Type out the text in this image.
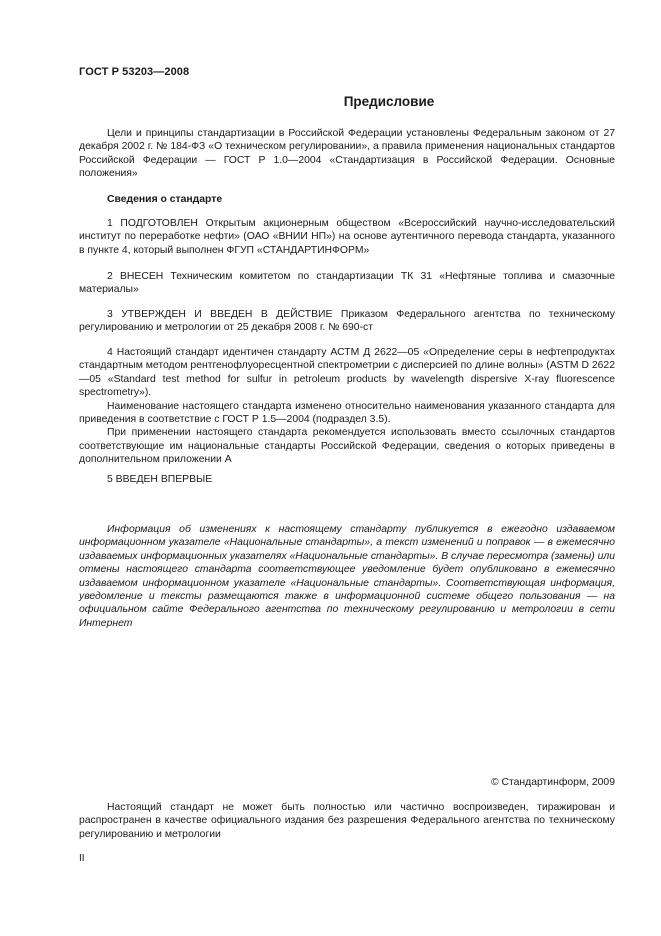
ГОСТ Р 53203—2008
Предисловие

Цели и принципы стандартизации в Российской Федерации установлены Федеральным законом от 27 декабря 2002 г. № 184-ФЗ «О техническом регулировании», а правила применения национальных стандартов Российской Федерации — ГОСТ Р 1.0—2004 «Стандартизация в Российской Федерации. Основные положения»

Сведения о стандарте

1 ПОДГОТОВЛЕН Открытым акционерным обществом «Всероссийский научно-исследовательский институт по переработке нефти» (ОАО «ВНИИ НП») на основе аутентичного перевода стандарта, указанного в пункте 4, который выполнен ФГУП «СТАНДАРТИНФОРМ»

2 ВНЕСЕН Техническим комитетом по стандартизации ТК 31 «Нефтяные топлива и смазочные материалы»

3 УТВЕРЖДЕН И ВВЕДЕН В ДЕЙСТВИЕ Приказом Федерального агентства по техническому регулированию и метрологии от 25 декабря 2008 г. № 690-ст

4 Настоящий стандарт идентичен стандарту АСТМ Д 2622—05 «Определение серы в нефтепродуктах стандартным методом рентгенофлуоресцентной спектрометрии с дисперсией по длине волны» (ASTM D 2622—05 «Standard test method for sulfur in petroleum products by wavelength dispersive X-ray fluorescence spectrometry»).

Наименование настоящего стандарта изменено относительно наименования указанного стандарта для приведения в соответствие с ГОСТ Р 1.5—2004 (подраздел 3.5).

При применении настоящего стандарта рекомендуется использовать вместо ссылочных стандартов соответствующие им национальные стандарты Российской Федерации, сведения о которых приведены в дополнительном приложении А

5 ВВЕДЕН ВПЕРВЫЕ

Информация об изменениях к настоящему стандарту публикуется в ежегодно издаваемом информационном указателе «Национальные стандарты», а текст изменений и поправок — в ежемесячно издаваемых информационных указателях «Национальные стандарты». В случае пересмотра (замены) или отмены настоящего стандарта соответствующее уведомление будет опубликовано в ежемесячно издаваемом информационном указателе «Национальные стандарты». Соответствующая информация, уведомление и тексты размещаются также в информационной системе общего пользования — на официальном сайте Федерального агентства по техническому регулированию и метрологии в сети Интернет

© Стандартинформ, 2009

Настоящий стандарт не может быть полностью или частично воспроизведен, тиражирован и распространен в качестве официального издания без разрешения Федерального агентства по техническому регулированию и метрологии

II
